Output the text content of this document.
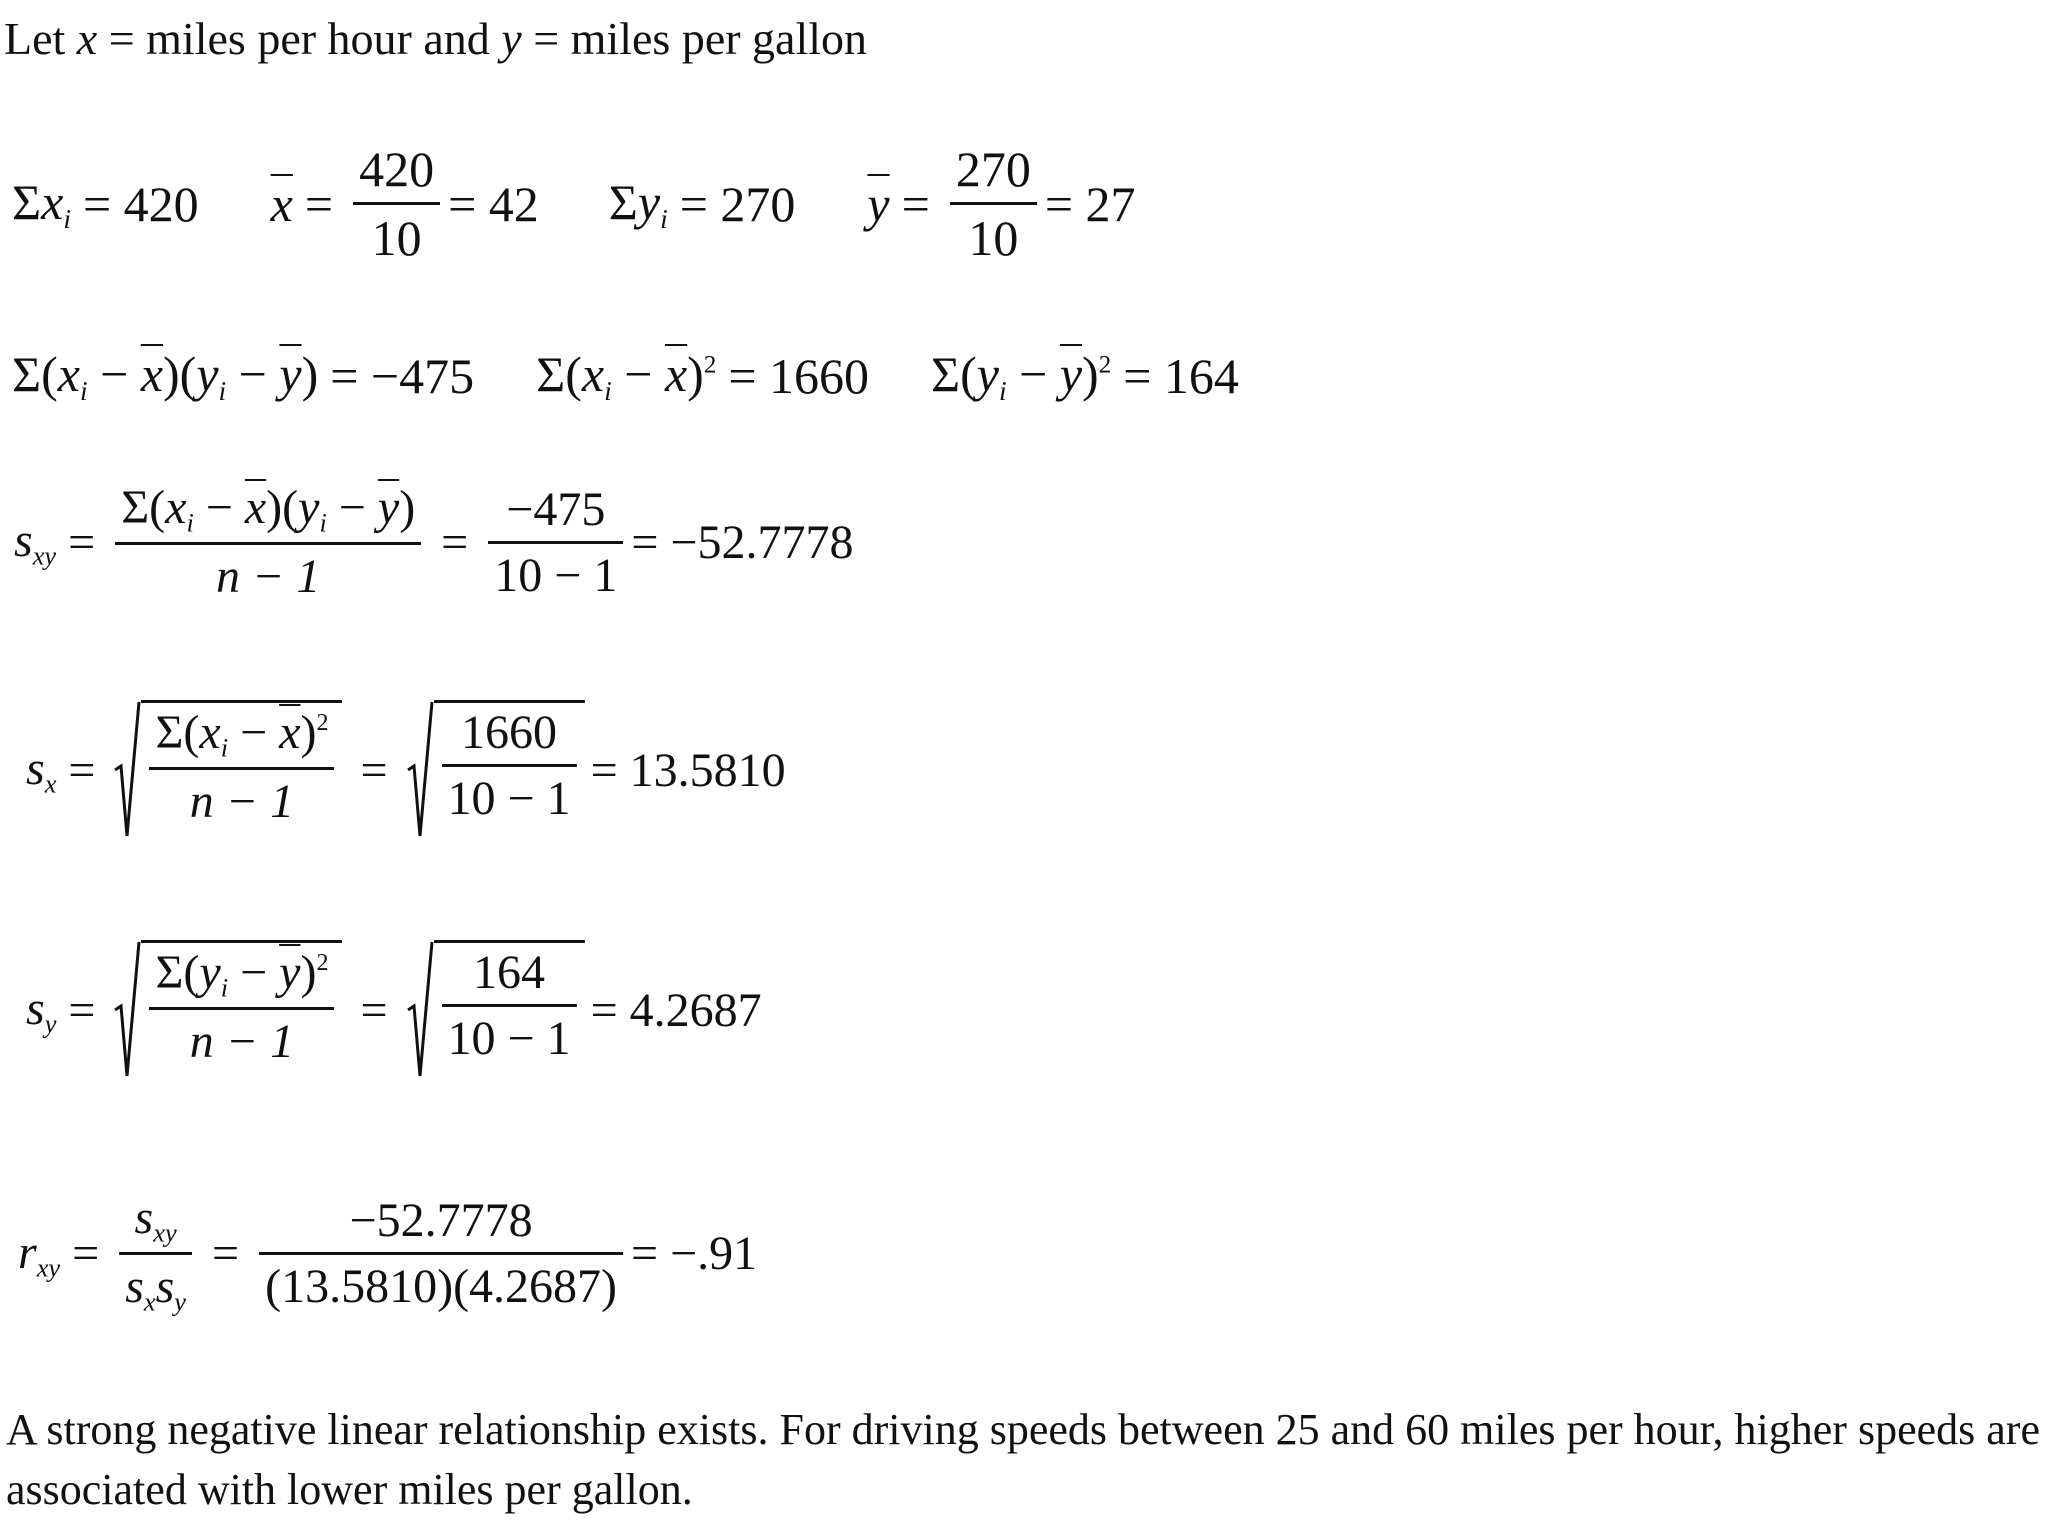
Let x = miles per hour and y = miles per gallon
$\Sigma x_i = 420$ $\overline{x} = \frac{420}{10} = 42$ $\Sigma y_i = 270$ $\overline{y} = \frac{270}{10} = 27$
$\Sigma(x_i - \overline{x})(y_i - \overline{y}) = -475$ $\Sigma(x_i - \overline{x})^2 = 1660$ $\Sigma(y_i - \overline{y})^2 = 164$
$s_{xy} = \frac{\Sigma(x_i - \overline{x})(y_i - \overline{y})}{n - 1} = \frac{-475}{10 - 1} = -52.7778$
$s_x = \frac{\Sigma(x_i - \overline{x})^2}{n - 1} = \frac{1660}{10 - 1} = 13.5810$
$s_y = \frac{\Sigma(y_i - \overline{y})^2}{n - 1} = \frac{164}{10 - 1} = 4.2687$
$r_{xy} = \frac{s_{xy}}{s_xs_y} = \frac{-52.7778}{(13.5810)(4.2687)} = -.91$
A strong negative linear relationship exists. For driving speeds between 25 and 60 miles per hour, higher speeds are associated with lower miles per gallon.
